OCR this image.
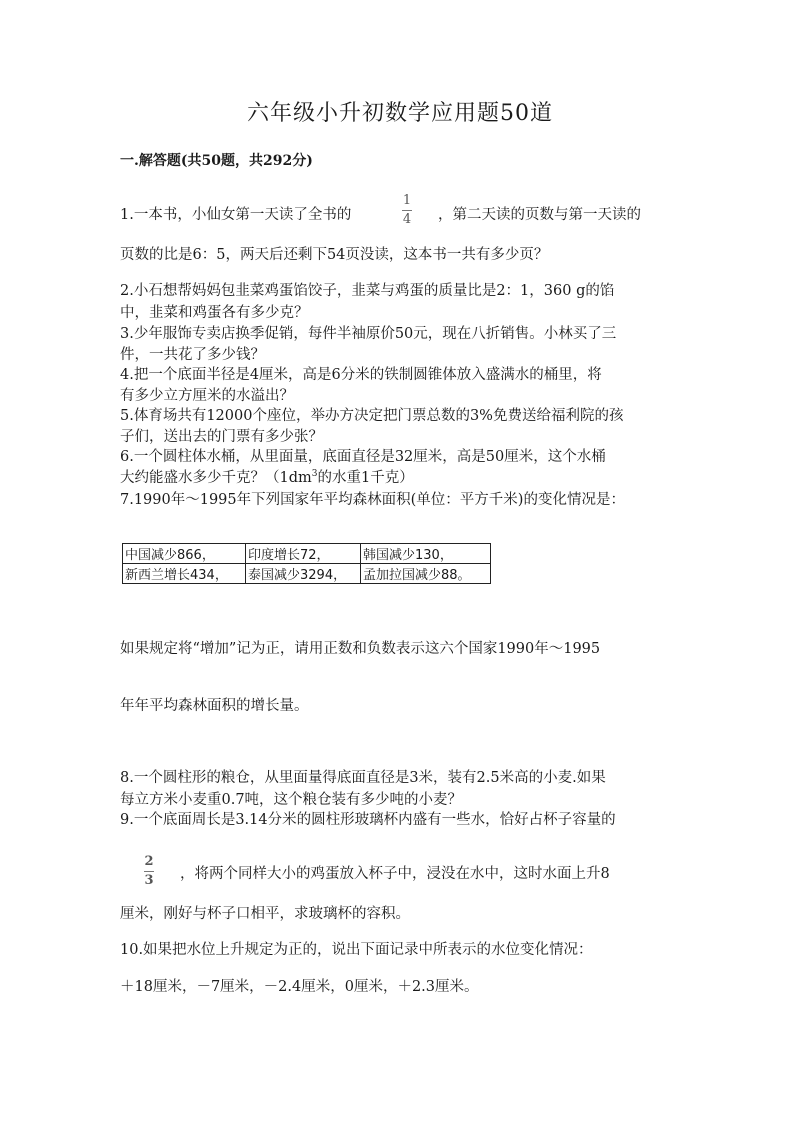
六年级小升初数学应用题50道
一.解答题(共50题，共292分)
1.一本书，小仙女第一天读了全书的
1
4 ，第二天读的页数与第一天读的
页数的比是6：5，两天后还剩下54页没读，这本书一共有多少页？
2.小石想帮妈妈包韭菜鸡蛋馅饺子，韭菜与鸡蛋的质量比是2：1，360 g的馅
中，韭菜和鸡蛋各有多少克？
3.少年服饰专卖店换季促销，每件半袖原价50元，现在八折销售。小林买了三
件，一共花了多少钱？
4.把一个底面半径是4厘米，高是6分米的铁制圆锥体放入盛满水的桶里，将
有多少立方厘米的水溢出？
5.体育场共有12000个座位，举办方决定把门票总数的3%免费送给福利院的孩
子们，送出去的门票有多少张？
6.一个圆柱体水桶，从里面量，底面直径是32厘米，高是50厘米，这个水桶
大约能盛水多少千克？（$1dm^3$的水重1千克）
7.1990年～1995年下列国家年平均森林面积(单位：平方千米)的变化情况是：
中国减少866，	印度增长72，	韩国减少130，
新西兰增长434，	泰国减少3294，	孟加拉国减少88。
如果规定将“增加”记为正，请用正数和负数表示这六个国家1990年～1995
年年平均森林面积的增长量。
8.一个圆柱形的粮仓，从里面量得底面直径是3米，装有2.5米高的小麦.如果
每立方米小麦重0.7吨，这个粮仓装有多少吨的小麦？
9.一个底面周长是3.14分米的圆柱形玻璃杯内盛有一些水，恰好占杯子容量的
2
3 ，将两个同样大小的鸡蛋放入杯子中，浸没在水中，这时水面上升8
厘米，刚好与杯子口相平，求玻璃杯的容积。
10.如果把水位上升规定为正的，说出下面记录中所表示的水位变化情况：
＋18厘米，－7厘米，－2.4厘米，0厘米，＋2.3厘米。
